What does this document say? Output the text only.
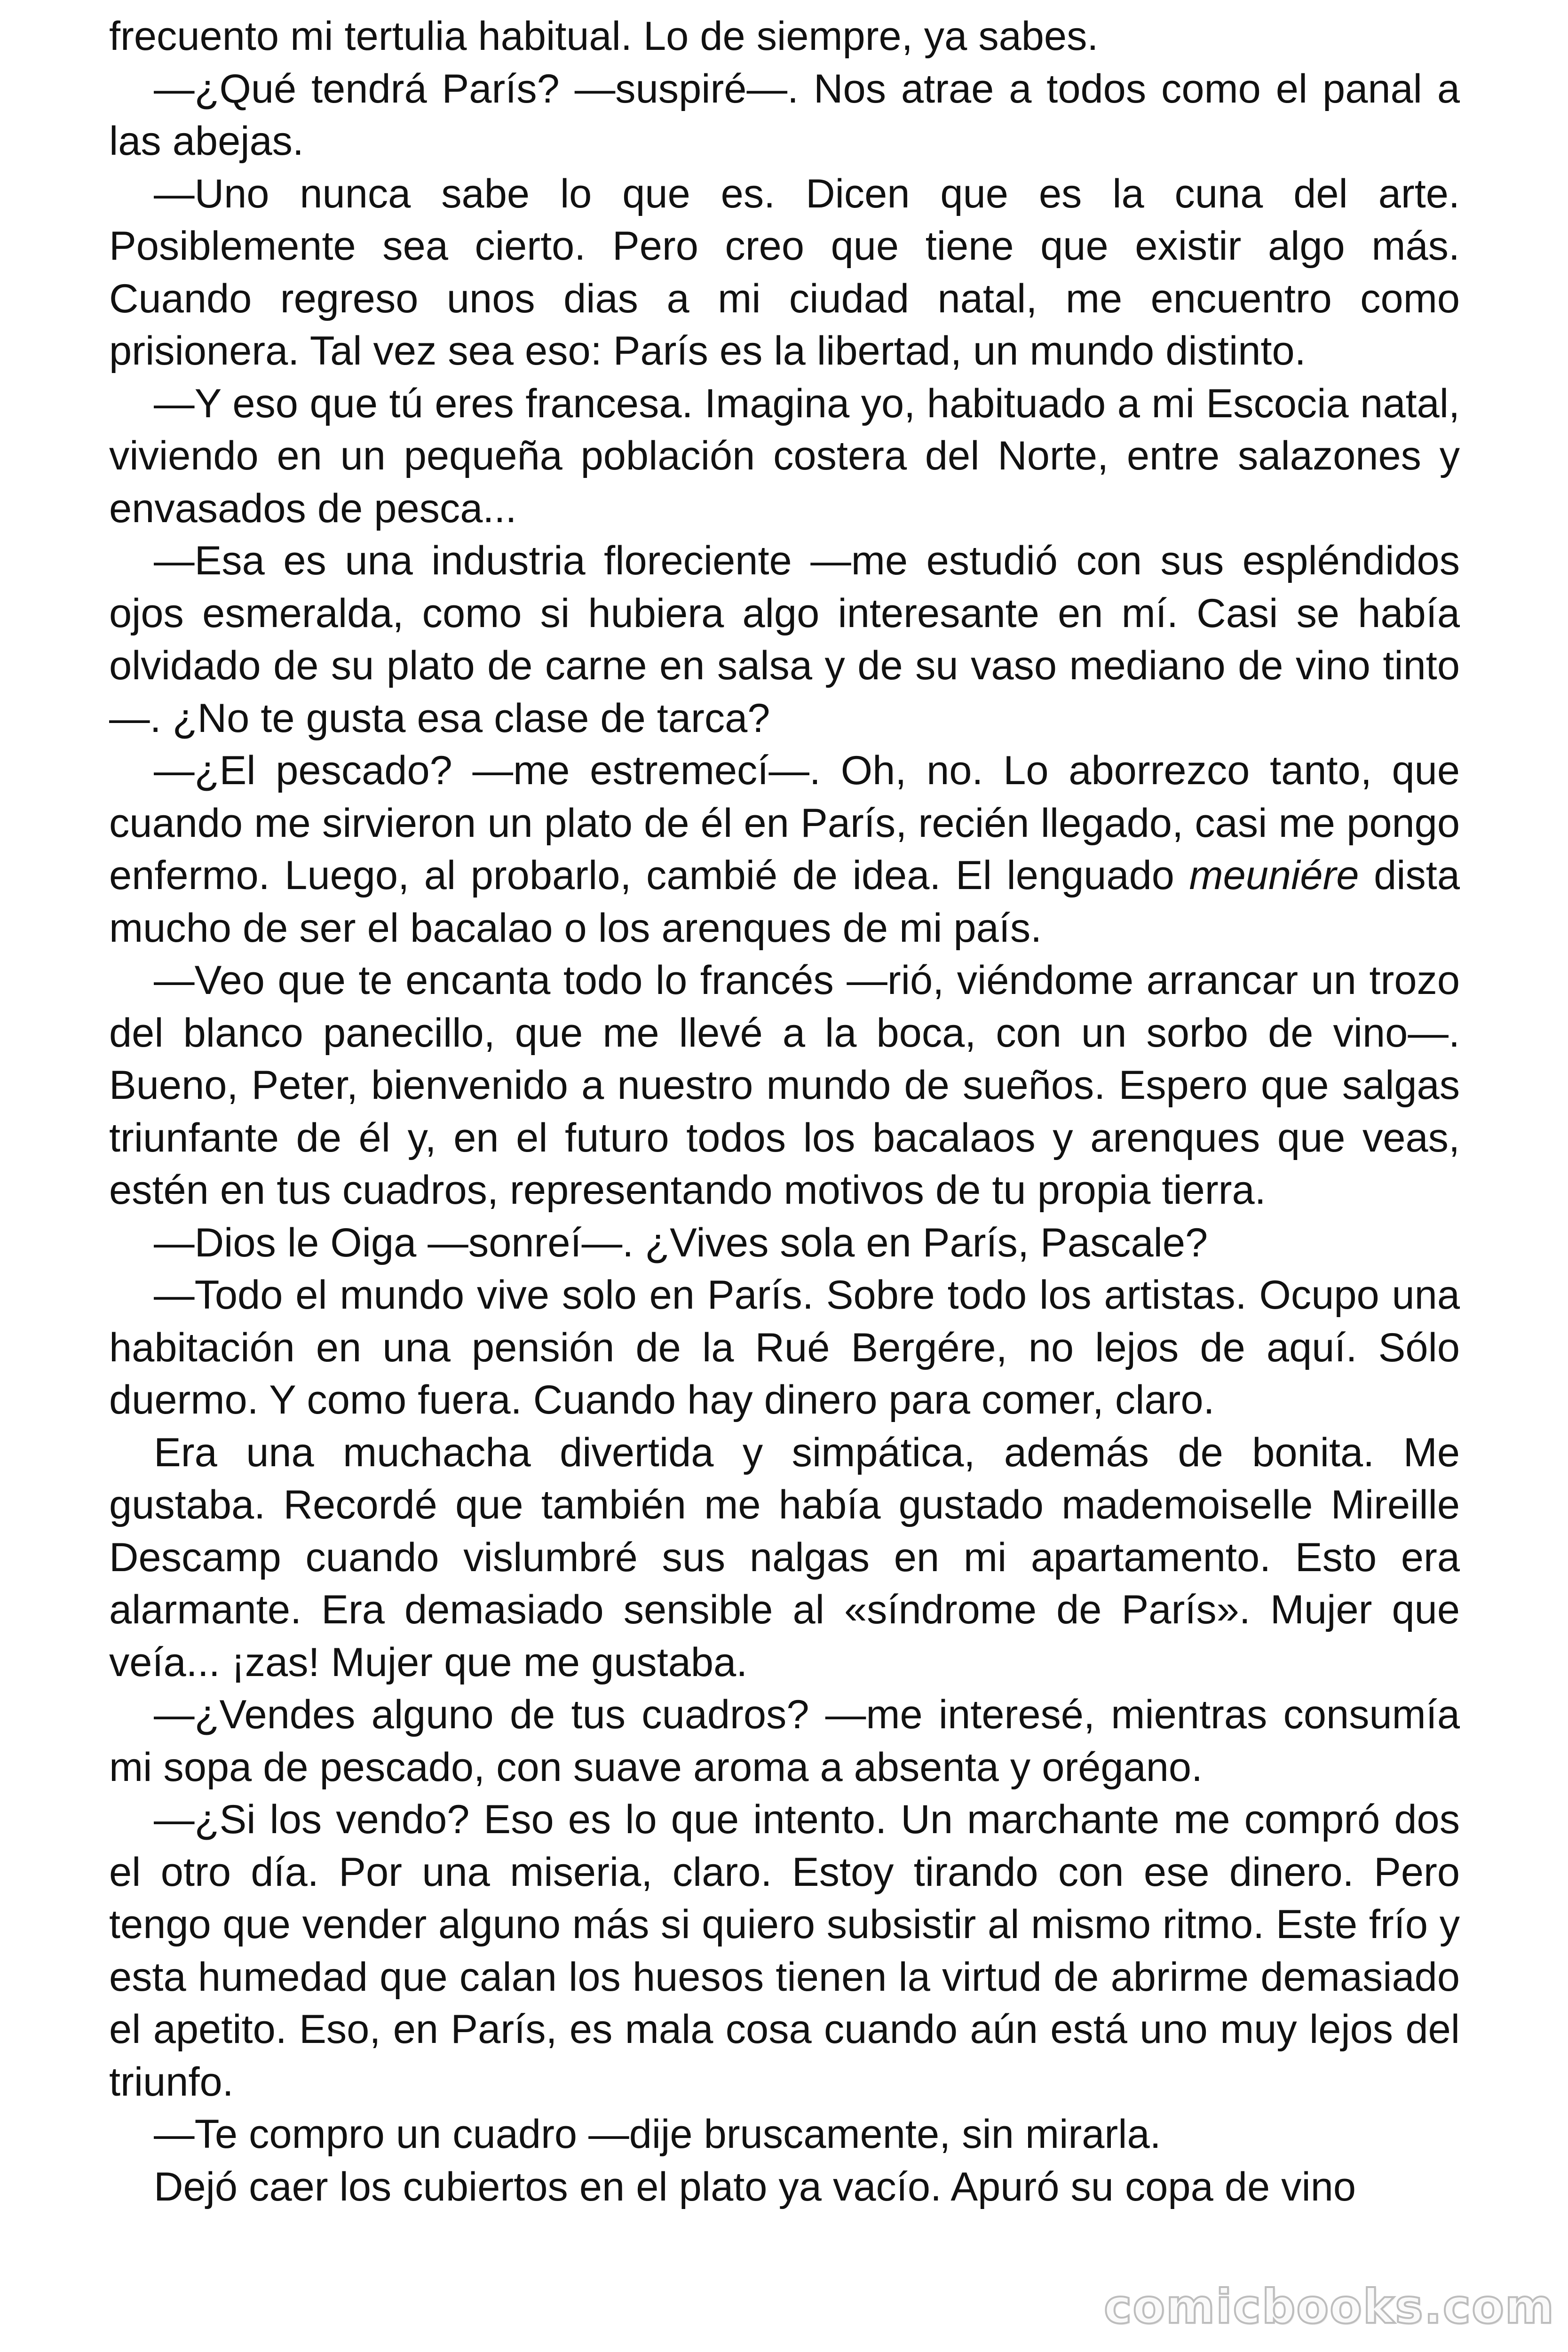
frecuento mi tertulia habitual. Lo de siempre, ya sabes.

—¿Qué tendrá París? —suspiré—. Nos atrae a todos como el panal a las abejas.

—Uno nunca sabe lo que es. Dicen que es la cuna del arte. Posiblemente sea cierto. Pero creo que tiene que existir algo más. Cuando regreso unos dias a mi ciudad natal, me encuentro como prisionera. Tal vez sea eso: París es la libertad, un mundo distinto.

—Y eso que tú eres francesa. Imagina yo, habituado a mi Escocia natal, viviendo en un pequeña población costera del Norte, entre salazones y envasados de pesca...

—Esa es una industria floreciente —me estudió con sus espléndidos ojos esmeralda, como si hubiera algo interesante en mí. Casi se había olvidado de su plato de carne en salsa y de su vaso mediano de vino tinto—. ¿No te gusta esa clase de tarca?

—¿El pescado? —me estremecí—. Oh, no. Lo aborrezco tanto, que cuando me sirvieron un plato de él en París, recién llegado, casi me pongo enfermo. Luego, al probarlo, cambié de idea. El lenguado meuniére dista mucho de ser el bacalao o los arenques de mi país.

—Veo que te encanta todo lo francés —rió, viéndome arrancar un trozo del blanco panecillo, que me llevé a la boca, con un sorbo de vino—. Bueno, Peter, bienvenido a nuestro mundo de sueños. Espero que salgas triunfante de él y, en el futuro todos los bacalaos y arenques que veas, estén en tus cuadros, representando motivos de tu propia tierra.

—Dios le Oiga —sonreí—. ¿Vives sola en París, Pascale?

—Todo el mundo vive solo en París. Sobre todo los artistas. Ocupo una habitación en una pensión de la Rué Bergére, no lejos de aquí. Sólo duermo. Y como fuera. Cuando hay dinero para comer, claro.

Era una muchacha divertida y simpática, además de bonita. Me gustaba. Recordé que también me había gustado mademoiselle Mireille Descamp cuando vislumbré sus nalgas en mi apartamento. Esto era alarmante. Era demasiado sensible al «síndrome de París». Mujer que veía... ¡zas! Mujer que me gustaba.

—¿Vendes alguno de tus cuadros? —me interesé, mientras consumía mi sopa de pescado, con suave aroma a absenta y orégano.

—¿Si los vendo? Eso es lo que intento. Un marchante me compró dos el otro día. Por una miseria, claro. Estoy tirando con ese dinero. Pero tengo que vender alguno más si quiero subsistir al mismo ritmo. Este frío y esta humedad que calan los huesos tienen la virtud de abrirme demasiado el apetito. Eso, en París, es mala cosa cuando aún está uno muy lejos del triunfo.

—Te compro un cuadro —dije bruscamente, sin mirarla.

Dejó caer los cubiertos en el plato ya vacío. Apuró su copa de vino

comicbooks.com
